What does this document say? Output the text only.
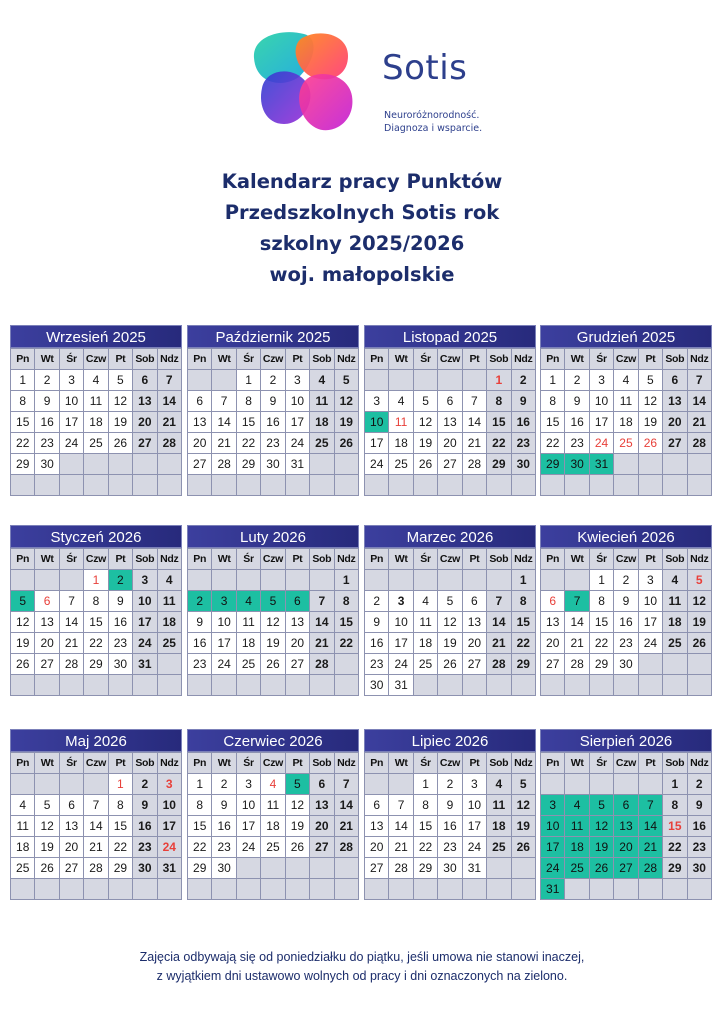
Sotis
Neuroróżnorodność.
Diagnoza i wsparcie.
Kalendarz pracy Punktów
Przedszkolnych Sotis rok
szkolny 2025/2026
woj. małopolskie
Wrzesień 2025
Pn	Wt	Śr	Czw	Pt	Sob	Ndz
1	2	3	4	5	6	7
8	9	10	11	12	13	14
15	16	17	18	19	20	21
22	23	24	25	26	27	28
29	30					

Październik 2025
Pn	Wt	Śr	Czw	Pt	Sob	Ndz
		1	2	3	4	5
6	7	8	9	10	11	12
13	14	15	16	17	18	19
20	21	22	23	24	25	26
27	28	29	30	31		

Listopad 2025
Pn	Wt	Śr	Czw	Pt	Sob	Ndz
					1	2
3	4	5	6	7	8	9
10	11	12	13	14	15	16
17	18	19	20	21	22	23
24	25	26	27	28	29	30

Grudzień 2025
Pn	Wt	Śr	Czw	Pt	Sob	Ndz
1	2	3	4	5	6	7
8	9	10	11	12	13	14
15	16	17	18	19	20	21
22	23	24	25	26	27	28
29	30	31				

Styczeń 2026
Pn	Wt	Śr	Czw	Pt	Sob	Ndz
			1	2	3	4
5	6	7	8	9	10	11
12	13	14	15	16	17	18
19	20	21	22	23	24	25
26	27	28	29	30	31	

Luty 2026
Pn	Wt	Śr	Czw	Pt	Sob	Ndz
						1
2	3	4	5	6	7	8
9	10	11	12	13	14	15
16	17	18	19	20	21	22
23	24	25	26	27	28	

Marzec 2026
Pn	Wt	Śr	Czw	Pt	Sob	Ndz
						1
2	3	4	5	6	7	8
9	10	11	12	13	14	15
16	17	18	19	20	21	22
23	24	25	26	27	28	29
30	31					
Kwiecień 2026
Pn	Wt	Śr	Czw	Pt	Sob	Ndz
		1	2	3	4	5
6	7	8	9	10	11	12
13	14	15	16	17	18	19
20	21	22	23	24	25	26
27	28	29	30			

Maj 2026
Pn	Wt	Śr	Czw	Pt	Sob	Ndz
				1	2	3
4	5	6	7	8	9	10
11	12	13	14	15	16	17
18	19	20	21	22	23	24
25	26	27	28	29	30	31

Czerwiec 2026
Pn	Wt	Śr	Czw	Pt	Sob	Ndz
1	2	3	4	5	6	7
8	9	10	11	12	13	14
15	16	17	18	19	20	21
22	23	24	25	26	27	28
29	30					

Lipiec 2026
Pn	Wt	Śr	Czw	Pt	Sob	Ndz
		1	2	3	4	5
6	7	8	9	10	11	12
13	14	15	16	17	18	19
20	21	22	23	24	25	26
27	28	29	30	31		

Sierpień 2026
Pn	Wt	Śr	Czw	Pt	Sob	Ndz
					1	2
3	4	5	6	7	8	9
10	11	12	13	14	15	16
17	18	19	20	21	22	23
24	25	26	27	28	29	30
31						
Zajęcia odbywają się od poniedziałku do piątku, jeśli umowa nie stanowi inaczej,
z wyjątkiem dni ustawowo wolnych od pracy i dni oznaczonych na zielono.
